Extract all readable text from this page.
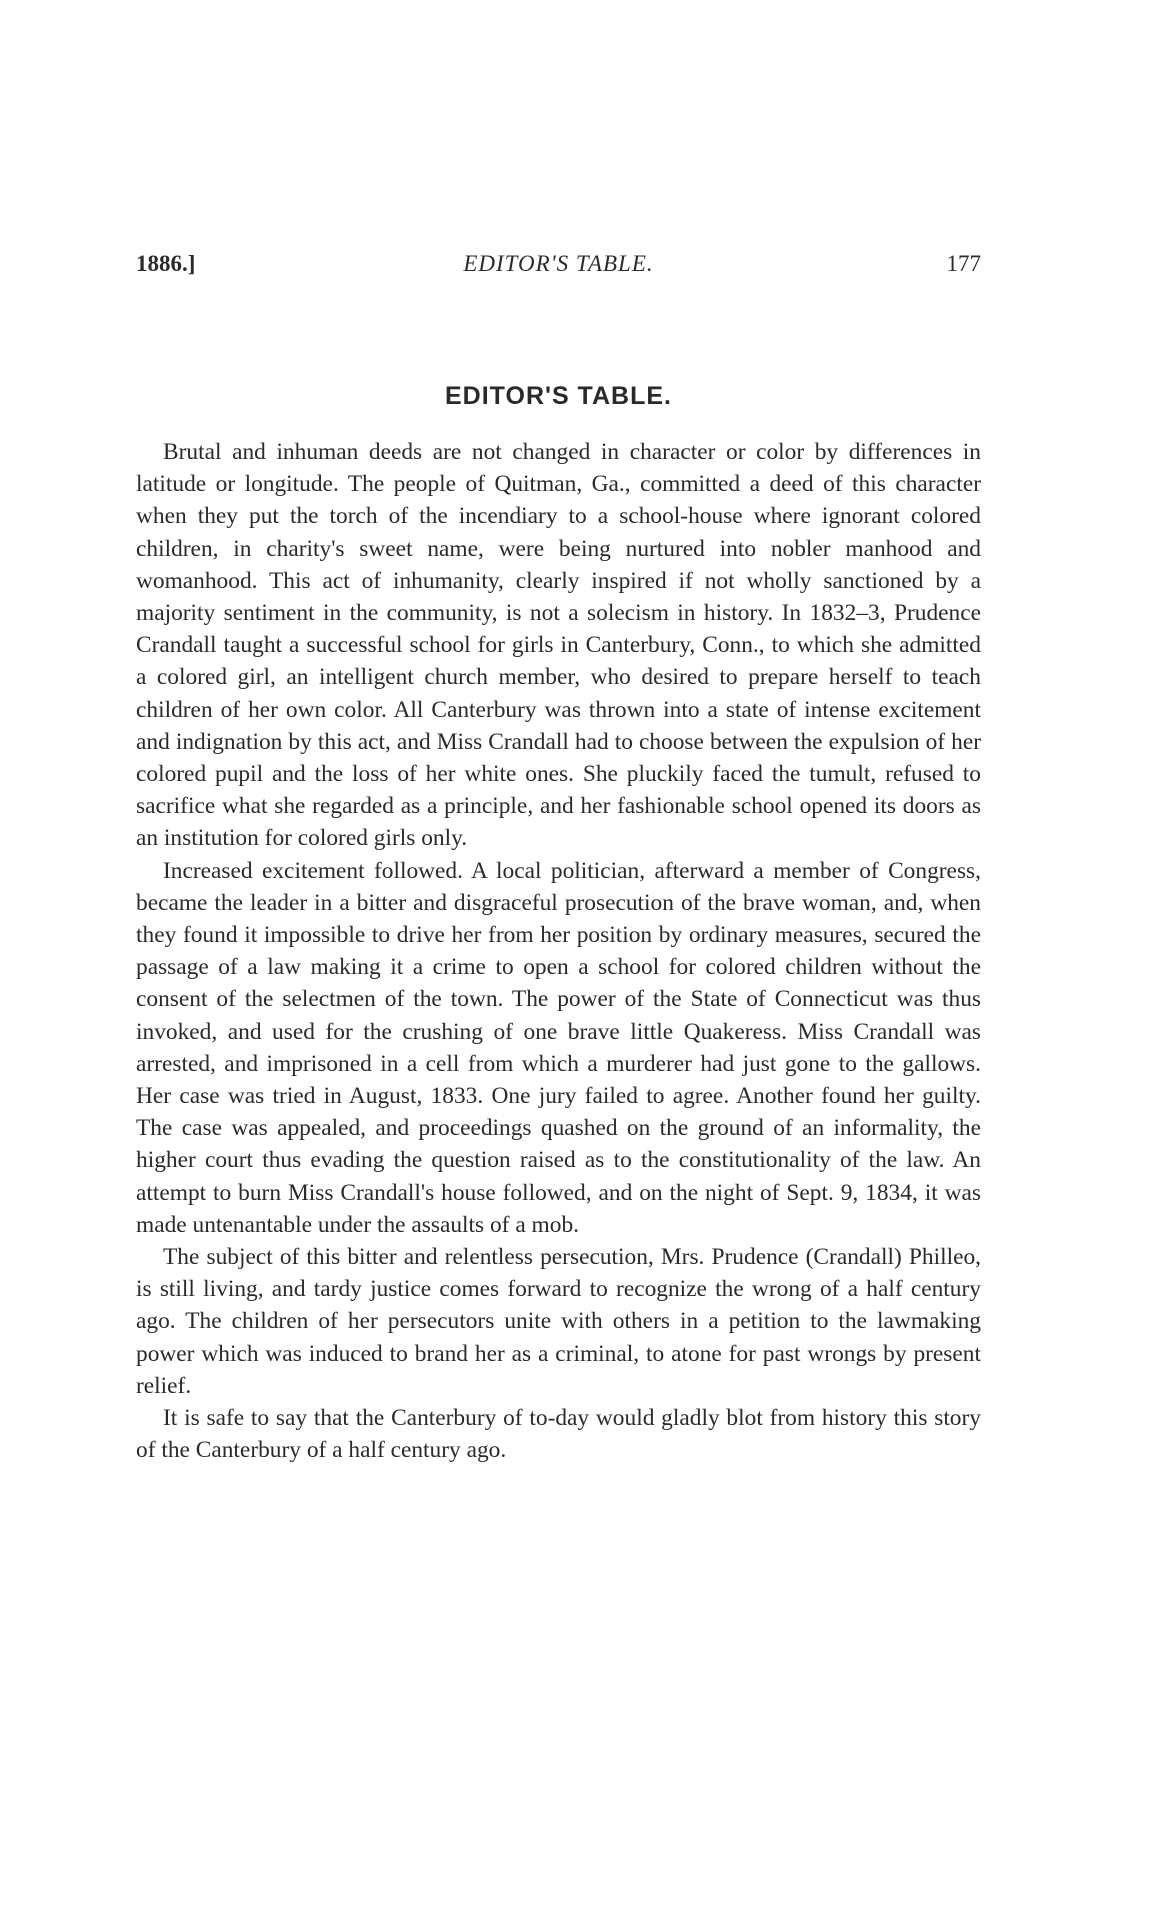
1886.]	EDITOR'S TABLE.	177
EDITOR'S TABLE.

Brutal and inhuman deeds are not changed in character or color by differences in latitude or longitude. The people of Quitman, Ga., committed a deed of this character when they put the torch of the incendiary to a school-house where ignorant colored children, in charity's sweet name, were being nurtured into nobler manhood and womanhood. This act of inhumanity, clearly inspired if not wholly sanctioned by a majority sentiment in the community, is not a solecism in history. In 1832–3, Prudence Crandall taught a successful school for girls in Canterbury, Conn., to which she admitted a colored girl, an intelligent church member, who desired to prepare herself to teach children of her own color. All Canterbury was thrown into a state of intense excitement and indignation by this act, and Miss Crandall had to choose between the expulsion of her colored pupil and the loss of her white ones. She pluckily faced the tumult, refused to sacrifice what she regarded as a principle, and her fashionable school opened its doors as an institution for colored girls only.

Increased excitement followed. A local politician, afterward a member of Congress, became the leader in a bitter and disgraceful prosecution of the brave woman, and, when they found it impossible to drive her from her position by ordinary measures, secured the passage of a law making it a crime to open a school for colored children without the consent of the selectmen of the town. The power of the State of Connecticut was thus invoked, and used for the crushing of one brave little Quakeress. Miss Crandall was arrested, and imprisoned in a cell from which a murderer had just gone to the gallows. Her case was tried in August, 1833. One jury failed to agree. Another found her guilty. The case was appealed, and proceedings quashed on the ground of an informality, the higher court thus evading the question raised as to the constitutionality of the law. An attempt to burn Miss Crandall's house followed, and on the night of Sept. 9, 1834, it was made untenantable under the assaults of a mob.

The subject of this bitter and relentless persecution, Mrs. Prudence (Crandall) Philleo, is still living, and tardy justice comes forward to recognize the wrong of a half century ago. The children of her persecutors unite with others in a petition to the lawmaking power which was induced to brand her as a criminal, to atone for past wrongs by present relief.

It is safe to say that the Canterbury of to-day would gladly blot from history this story of the Canterbury of a half century ago.
